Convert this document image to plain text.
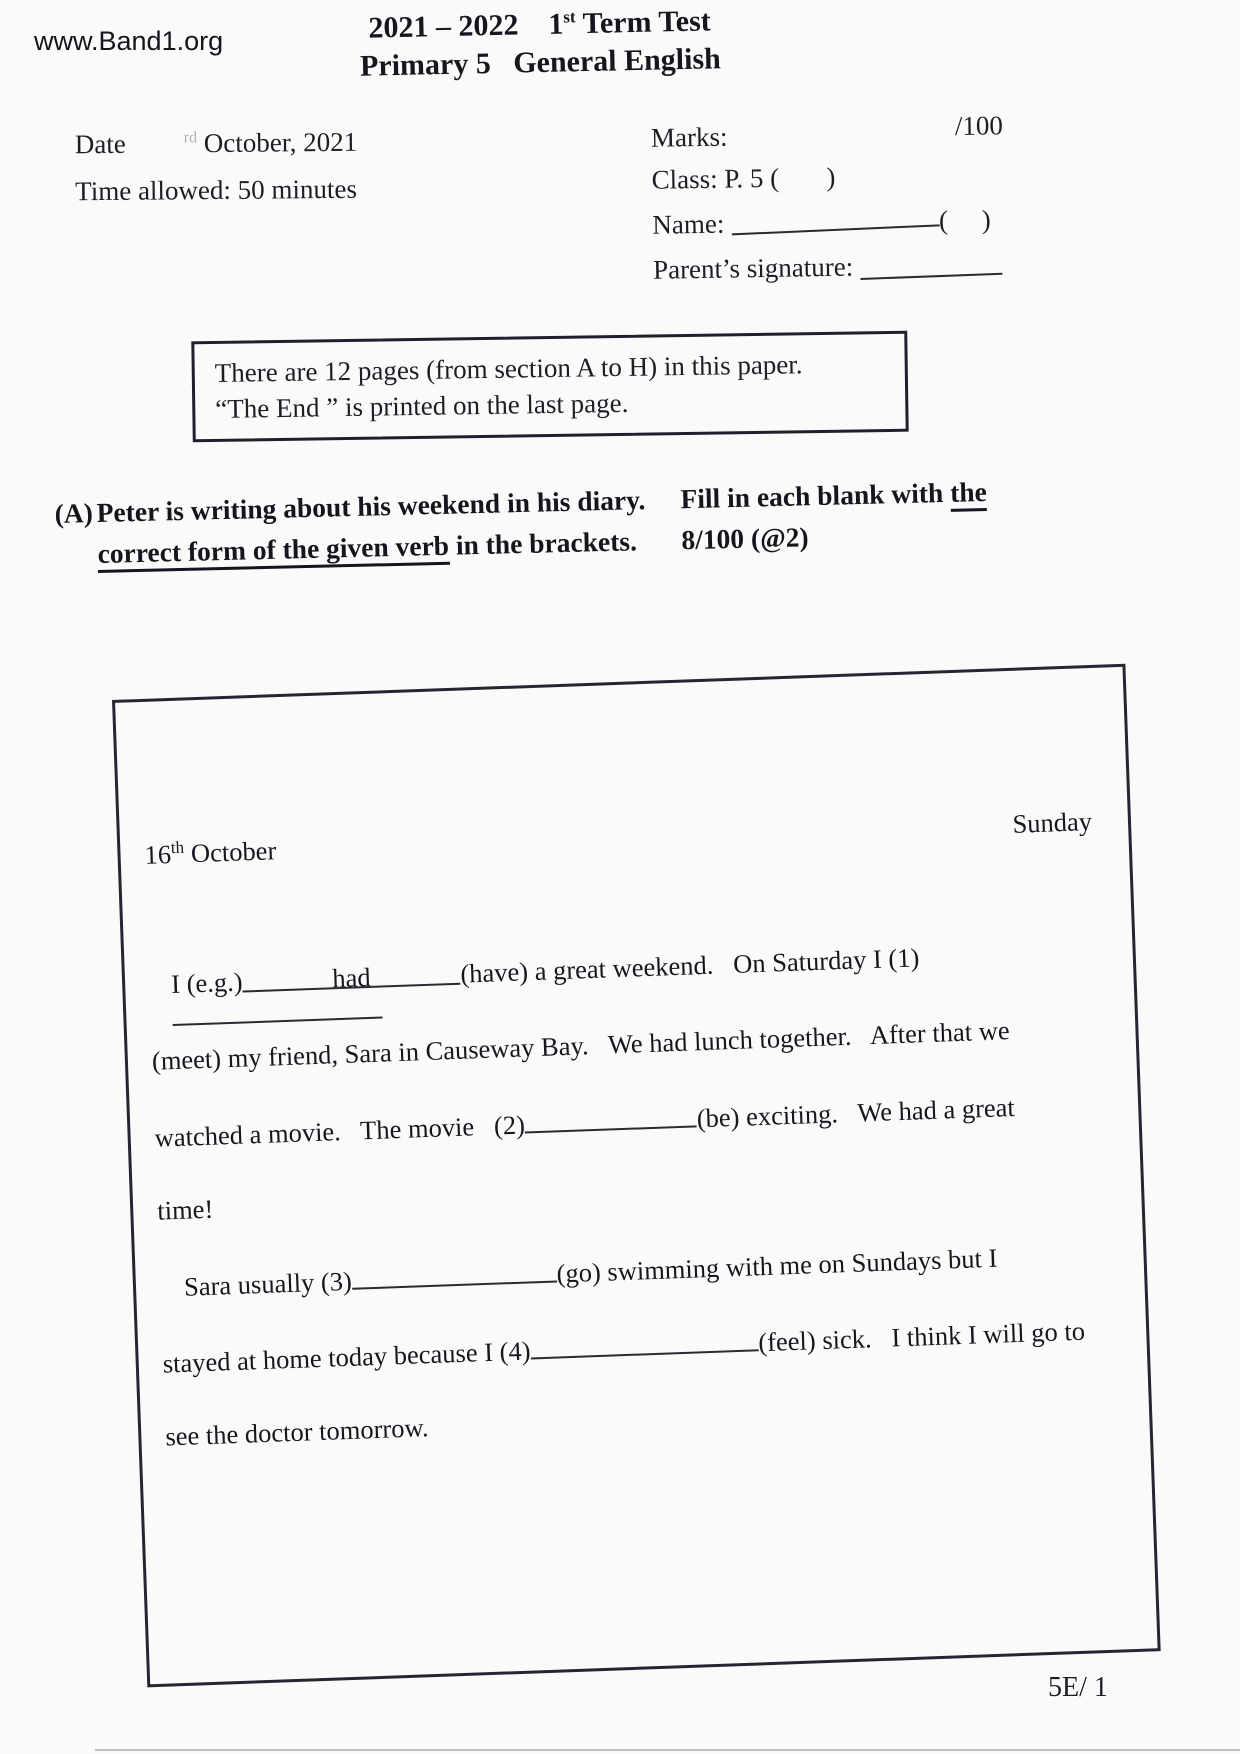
www.Band1.org	2021 – 2022    1st Term Test
Primary 5   General English
Date	$^{rd}$ October, 2021
Time allowed: 50 minutes
Marks:	/100
Class: P. 5 (       )
Name:	(     )
Parent’s signature:
There are 12 pages (from section A to H) in this paper.
“The End ” is printed on the last page.
(A) Peter is writing about his weekend in his diary.
correct form of the given verb in the brackets.
Fill in each blank with the
8/100 (@2)
16th October
Sunday
I (e.g.)	had	(have) a great weekend.   On Saturday I (1)
(meet) my friend, Sara in Causeway Bay.   We had lunch together.   After that we
watched a movie.   The movie   (2)	(be) exciting.   We had a great
time!
Sara usually (3)	(go) swimming with me on Sundays but I
stayed at home today because I (4)	(feel) sick.   I think I will go to
see the doctor tomorrow.
5E/ 1
